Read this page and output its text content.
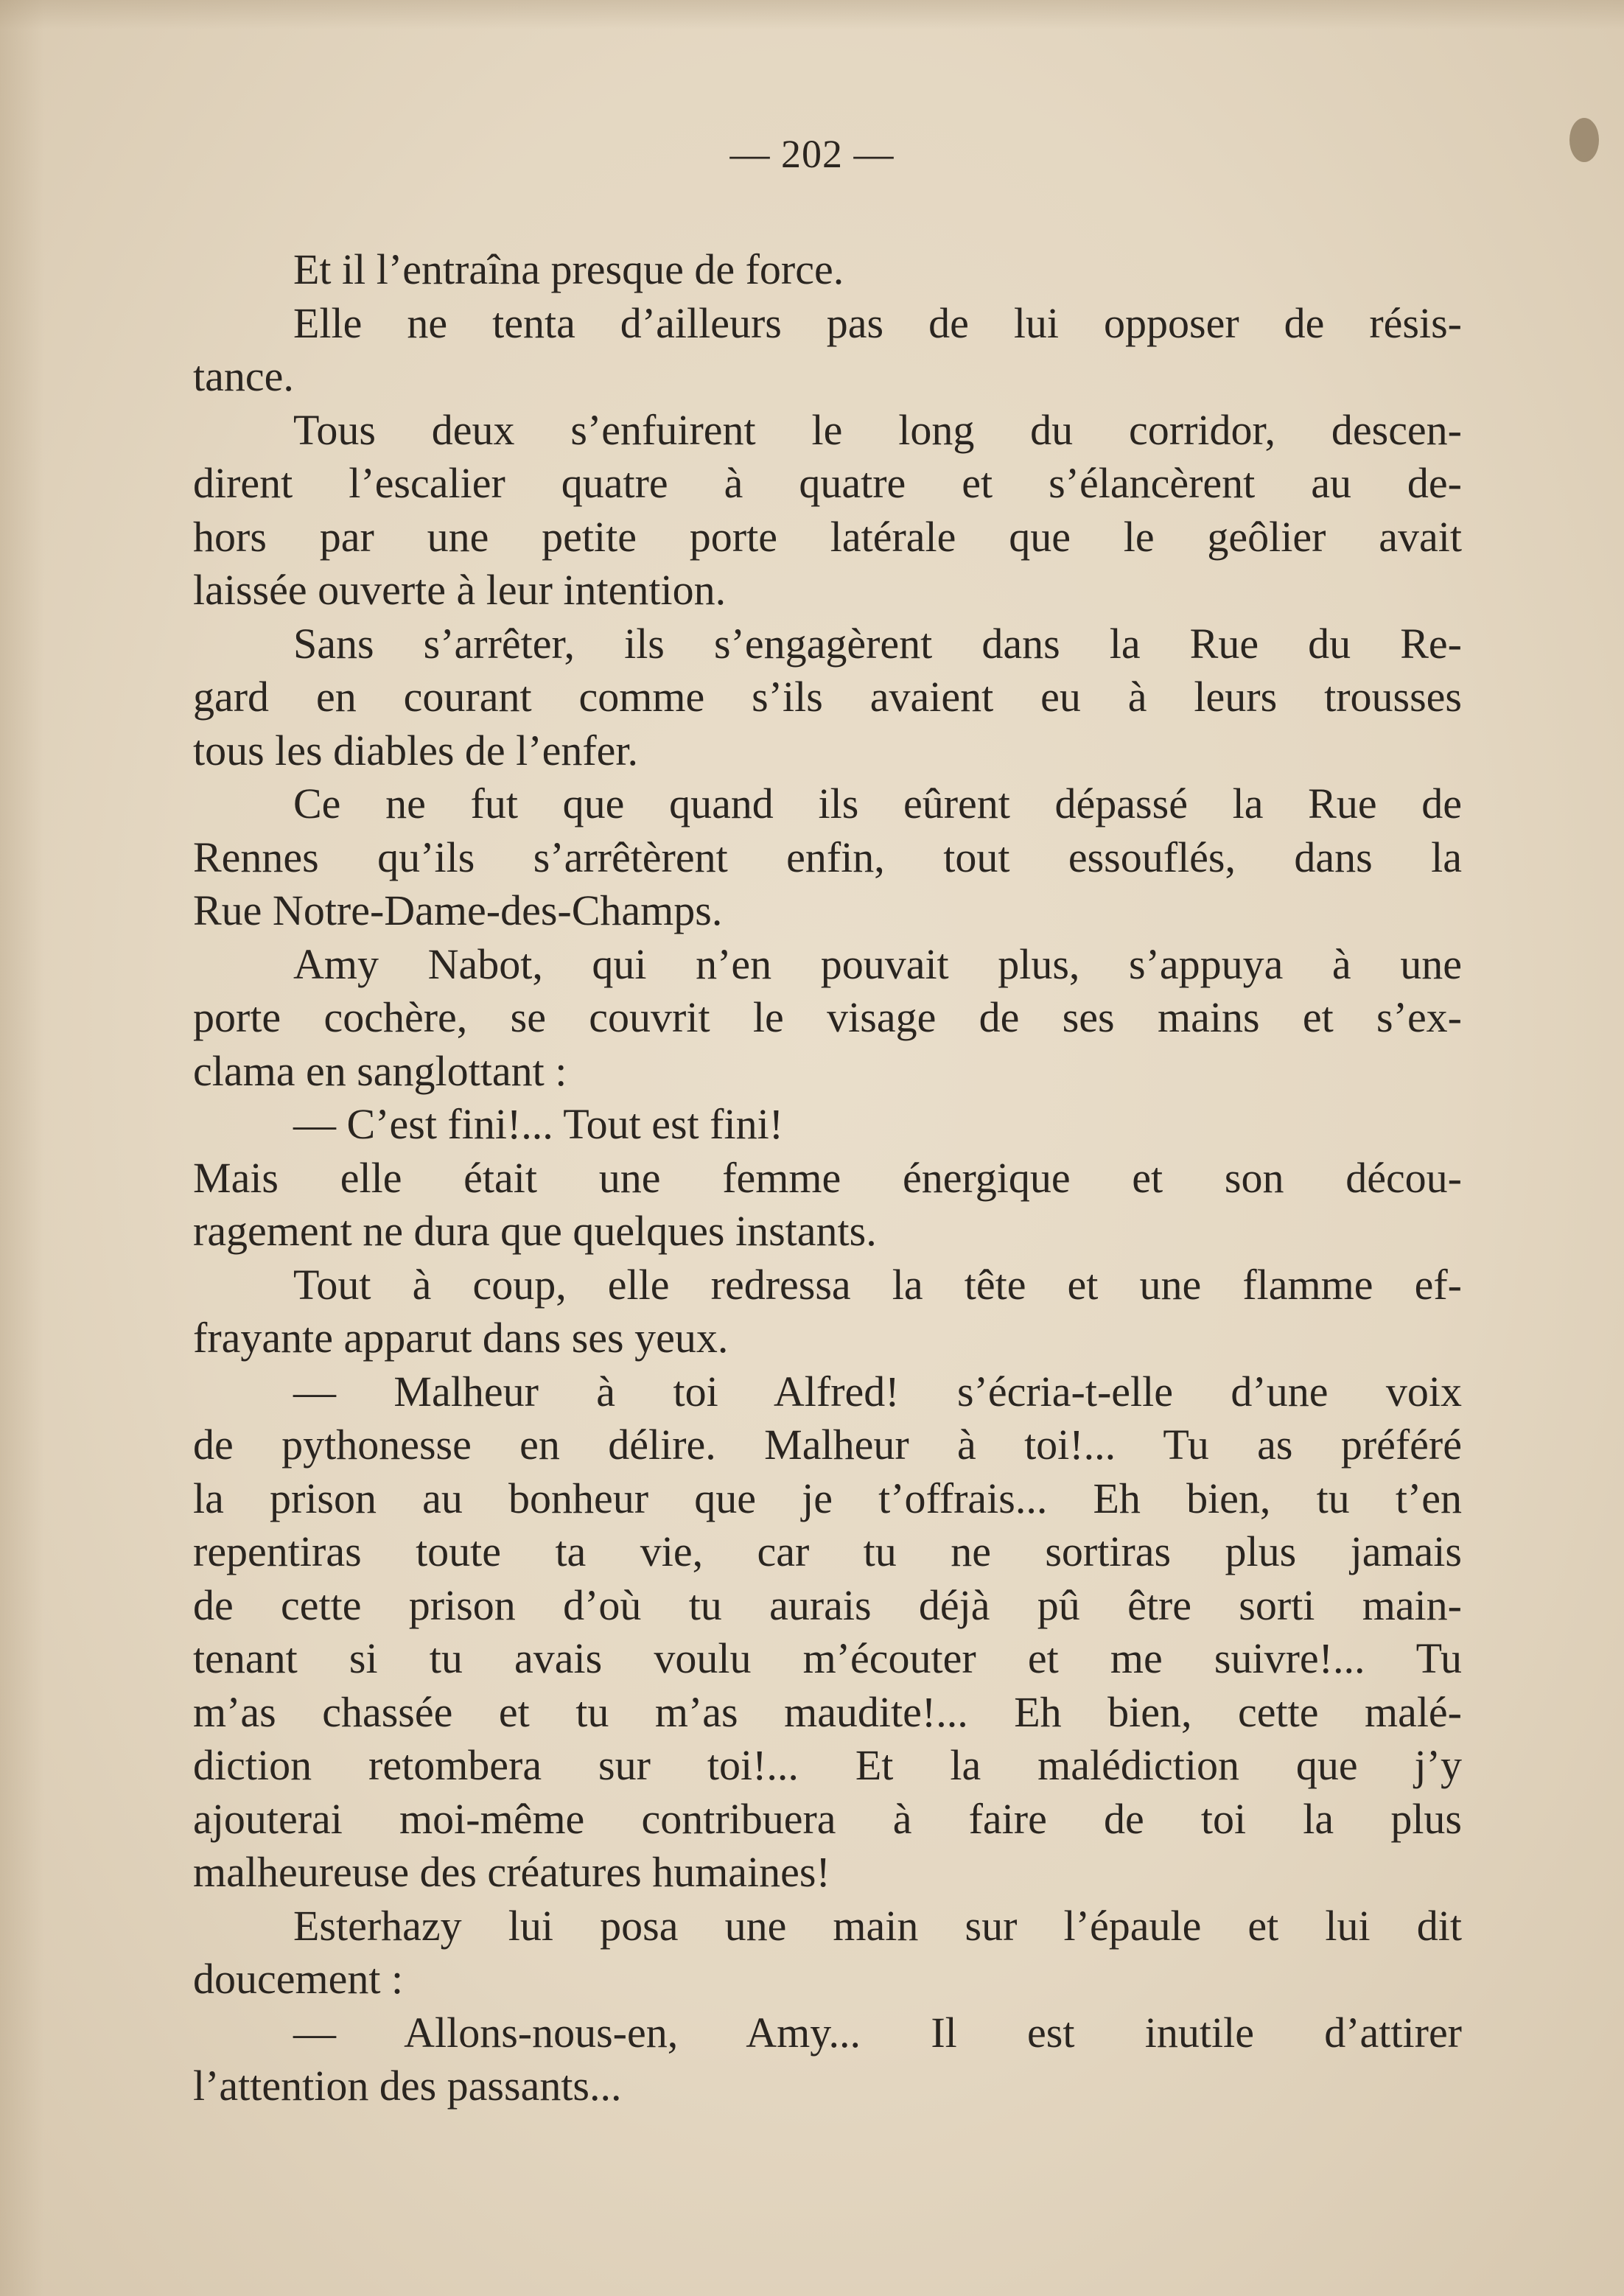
— 202 —
Et il l’entraîna presque de force.
Elle ne tenta d’ailleurs pas de lui opposer de résis-
tance.
Tous deux s’enfuirent le long du corridor, descen-
dirent l’escalier quatre à quatre et s’élancèrent au de-
hors par une petite porte latérale que le geôlier avait
laissée ouverte à leur intention.
Sans s’arrêter, ils s’engagèrent dans la Rue du Re-
gard en courant comme s’ils avaient eu à leurs trousses
tous les diables de l’enfer.
Ce ne fut que quand ils eûrent dépassé la Rue de
Rennes qu’ils s’arrêtèrent enfin, tout essouflés, dans la
Rue Notre-Dame-des-Champs.
Amy Nabot, qui n’en pouvait plus, s’appuya à une
porte cochère, se couvrit le visage de ses mains et s’ex-
clama en sanglottant :
— C’est fini!... Tout est fini!
Mais elle était une femme énergique et son décou-
ragement ne dura que quelques instants.
Tout à coup, elle redressa la tête et une flamme ef-
frayante apparut dans ses yeux.
— Malheur à toi Alfred! s’écria-t-elle d’une voix
de pythonesse en délire. Malheur à toi!... Tu as préféré
la prison au bonheur que je t’offrais... Eh bien, tu t’en
repentiras toute ta vie, car tu ne sortiras plus jamais
de cette prison d’où tu aurais déjà pû être sorti main-
tenant si tu avais voulu m’écouter et me suivre!... Tu
m’as chassée et tu m’as maudite!... Eh bien, cette malé-
diction retombera sur toi!... Et la malédiction que j’y
ajouterai moi-même contribuera à faire de toi la plus
malheureuse des créatures humaines!
Esterhazy lui posa une main sur l’épaule et lui dit
doucement :
— Allons-nous-en, Amy... Il est inutile d’attirer
l’attention des passants...
